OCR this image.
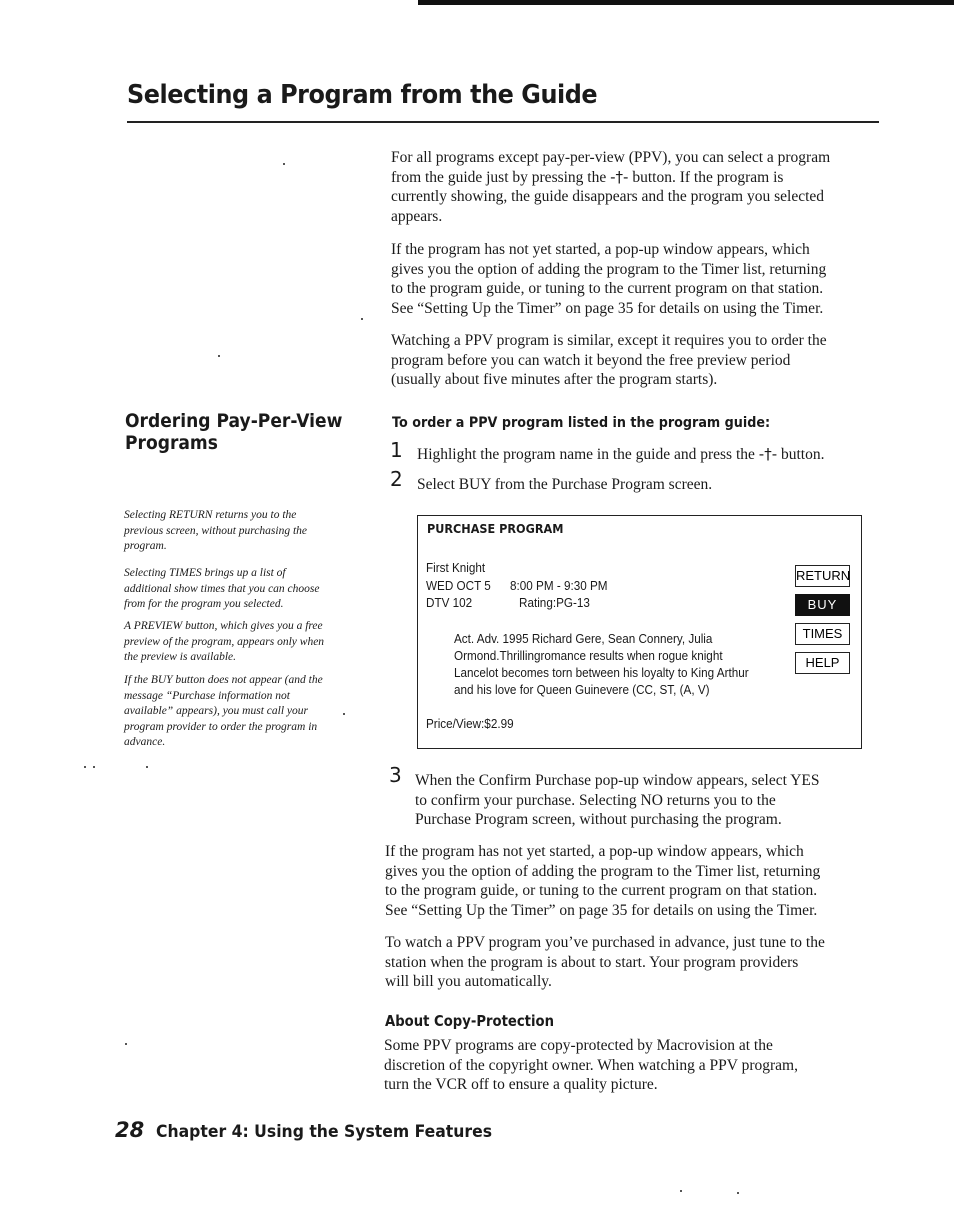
Selecting a Program from the Guide
For all programs except pay-per-view (PPV), you can select a program
from the guide just by pressing the -†- button. If the program is
currently showing, the guide disappears and the program you selected
appears.
If the program has not yet started, a pop-up window appears, which
gives you the option of adding the program to the Timer list, returning
to the program guide, or tuning to the current program on that station.
See “Setting Up the Timer” on page 35 for details on using the Timer.
Watching a PPV program is similar, except it requires you to order the
program before you can watch it beyond the free preview period
(usually about five minutes after the program starts).
Ordering Pay-Per-View
Programs
To order a PPV program listed in the program guide:
1 Highlight the program name in the guide and press the -†- button.
2 Select BUY from the Purchase Program screen.
Selecting RETURN returns you to the
previous screen, without purchasing the
program.
Selecting TIMES brings up a list of
additional show times that you can choose
from for the program you selected.
A PREVIEW button, which gives you a free
preview of the program, appears only when
the preview is available.
If the BUY button does not appear (and the
message “Purchase information not
available” appears), you must call your
program provider to order the program in
advance.
PURCHASE PROGRAM
First Knight
WED OCT 5 8:00 PM - 9:30 PM
DTV 102	Rating:PG-13
Act. Adv. 1995 Richard Gere, Sean Connery, Julia
Ormond.Thrillingromance results when rogue knight
Lancelot becomes torn between his loyalty to King Arthur
and his love for Queen Guinevere (CC, ST, (A, V)
Price/View:$2.99
RETURN
BUY
TIMES
HELP
3 When the Confirm Purchase pop-up window appears, select YES
to confirm your purchase. Selecting NO returns you to the
Purchase Program screen, without purchasing the program.
If the program has not yet started, a pop-up window appears, which
gives you the option of adding the program to the Timer list, returning
to the program guide, or tuning to the current program on that station.
See “Setting Up the Timer” on page 35 for details on using the Timer.
To watch a PPV program you’ve purchased in advance, just tune to the
station when the program is about to start. Your program providers
will bill you automatically.
About Copy-Protection
Some PPV programs are copy-protected by Macrovision at the
discretion of the copyright owner. When watching a PPV program,
turn the VCR off to ensure a quality picture.
28 Chapter 4: Using the System Features
